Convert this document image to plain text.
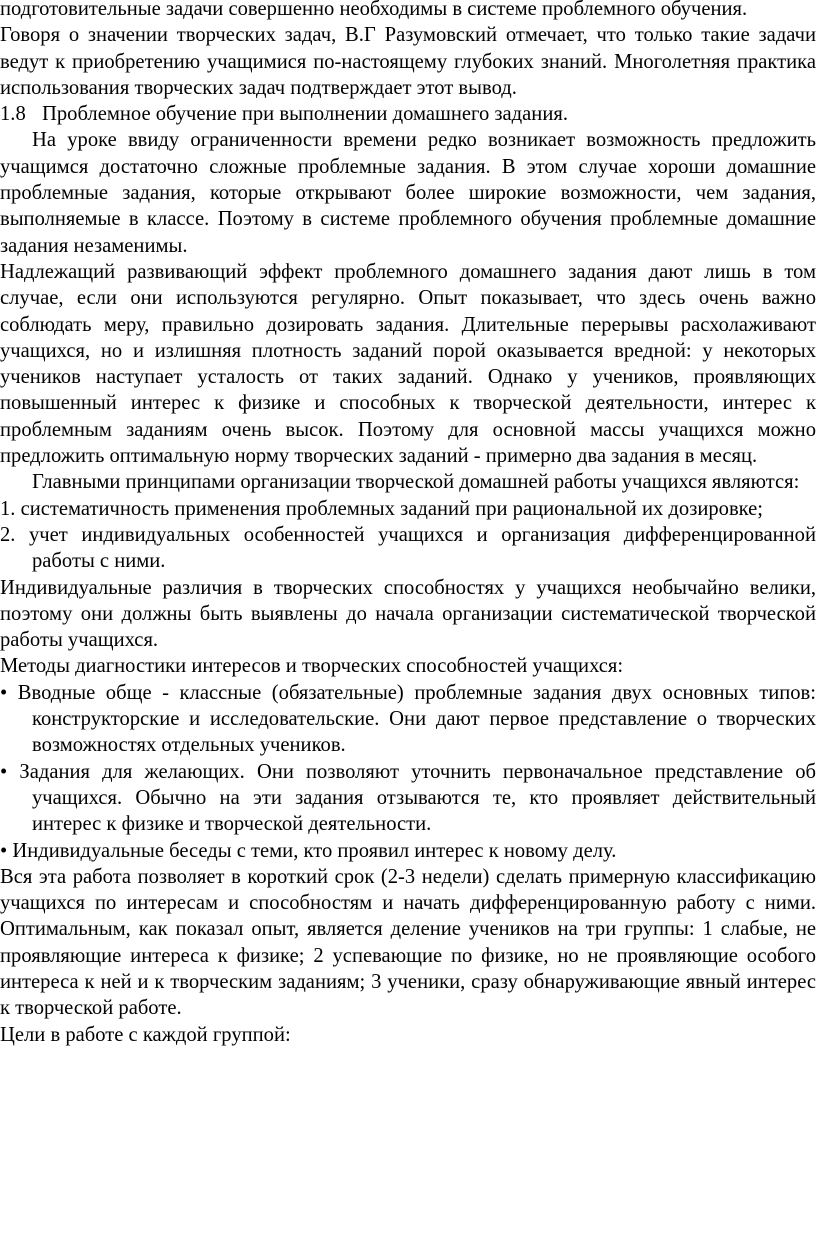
подготовительные задачи совершенно необходимы в системе проблемного обучения.

Говоря о значении творческих задач, В.Г Разумовский отмечает, что только такие задачи ведут к приобретению учащимися по-настоящему глубоких знаний. Многолетняя практика использования творческих задач подтверждает этот вывод.

1.8 Проблемное обучение при выполнении домашнего задания.

На уроке ввиду ограниченности времени редко возникает возможность предложить учащимся достаточно сложные проблемные задания. В этом случае хороши домашние проблемные задания, которые открывают более широкие возможности, чем задания, выполняемые в классе. Поэтому в системе проблемного обучения проблемные домашние задания незаменимы.

Надлежащий развивающий эффект проблемного домашнего задания дают лишь в том случае, если они используются регулярно. Опыт показывает, что здесь очень важно соблюдать меру, правильно дозировать задания. Длительные перерывы расхолаживают учащихся, но и излишняя плотность заданий порой оказывается вредной: у некоторых учеников наступает усталость от таких заданий. Однако у учеников, проявляющих повышенный интерес к физике и способных к творческой деятельности, интерес к проблемным заданиям очень высок. Поэтому для основной массы учащихся можно предложить оптимальную норму творческих заданий - примерно два задания в месяц.

Главными принципами организации творческой домашней работы учащихся являются:

1. систематичность применения проблемных заданий при рациональной их дозировке;

2. учет индивидуальных особенностей учащихся и организация дифференцированной работы с ними.

Индивидуальные различия в творческих способностях у учащихся необычайно велики, поэтому они должны быть выявлены до начала организации систематической творческой работы учащихся.

Методы диагностики интересов и творческих способностей учащихся:

• Вводные обще - классные (обязательные) проблемные задания двух основных типов: конструкторские и исследовательские. Они дают первое представление о творческих возможностях отдельных учеников.

• Задания для желающих. Они позволяют уточнить первоначальное представление об учащихся. Обычно на эти задания отзываются те, кто проявляет действительный интерес к физике и творческой деятельности.

• Индивидуальные беседы с теми, кто проявил интерес к новому делу.

Вся эта работа позволяет в короткий срок (2-3 недели) сделать примерную классификацию учащихся по интересам и способностям и начать дифференцированную работу с ними. Оптимальным, как показал опыт, является деление учеников на три группы: 1 слабые, не проявляющие интереса к физике; 2 успевающие по физике, но не проявляющие особого интереса к ней и к творческим заданиям; 3 ученики, сразу обнаруживающие явный интерес к творческой работе.

Цели в работе с каждой группой:
